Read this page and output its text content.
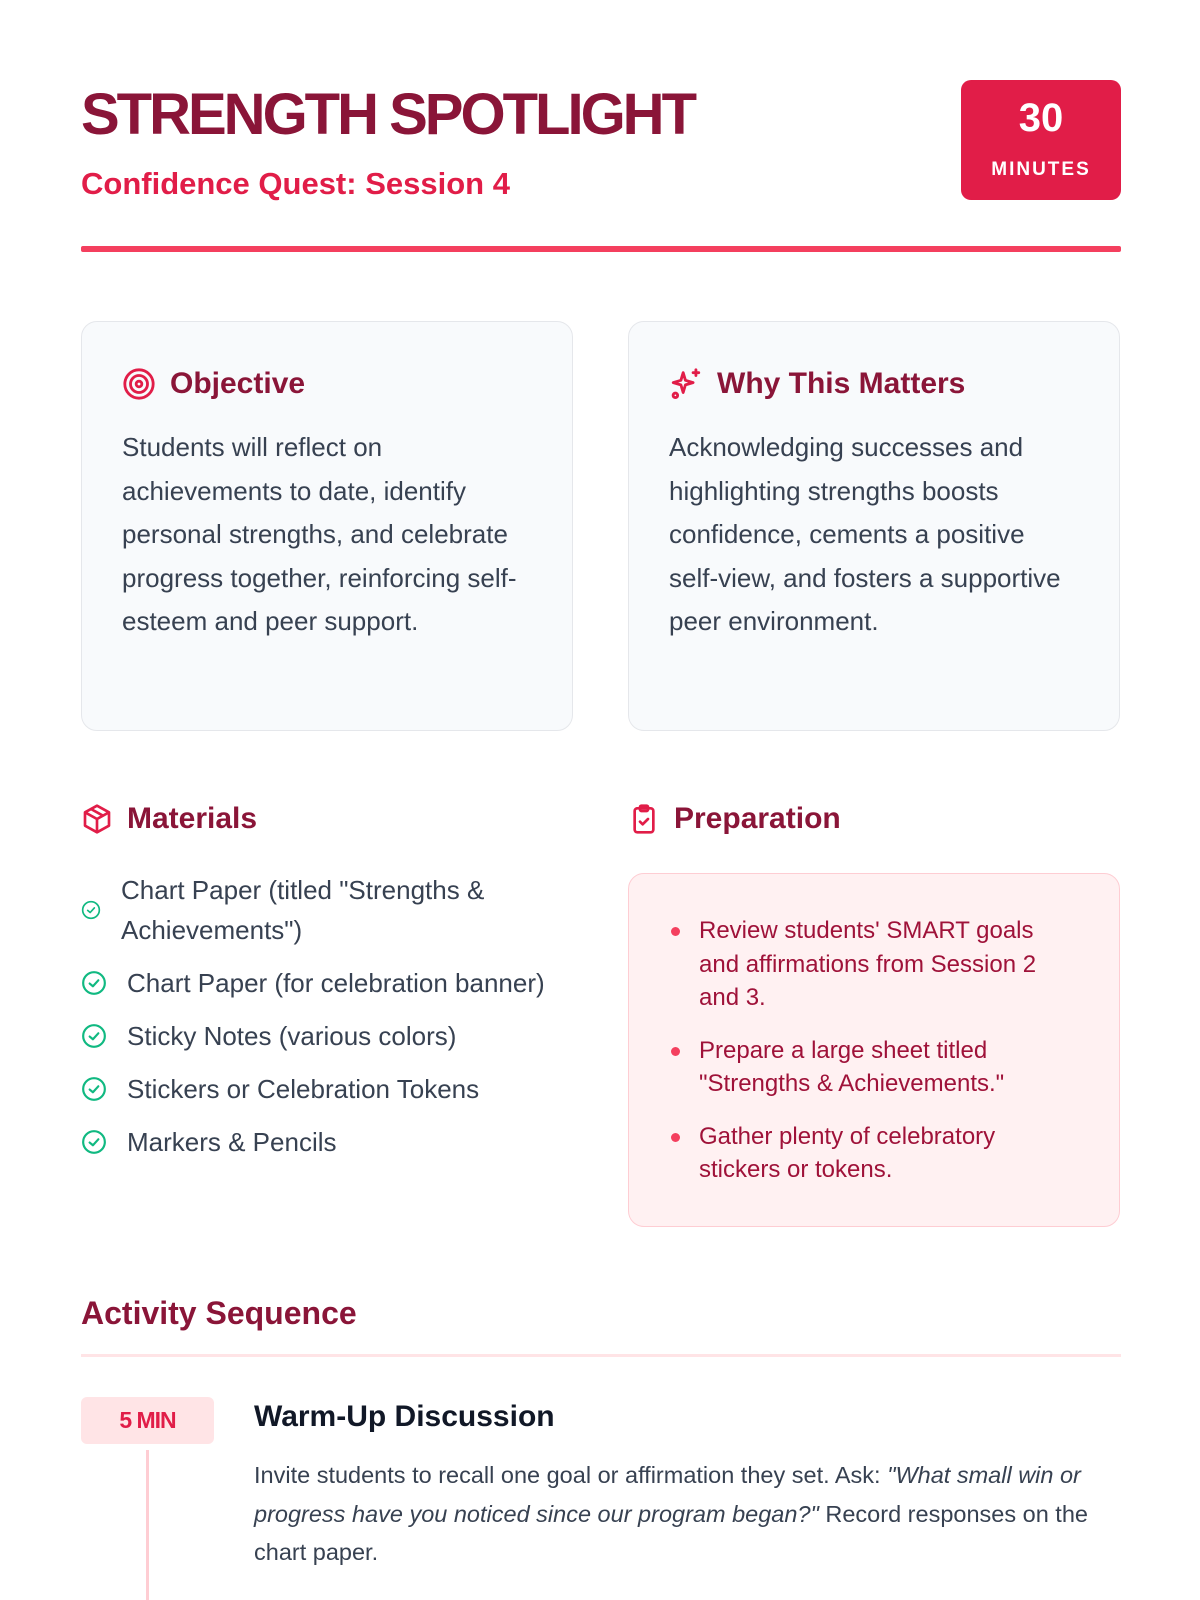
STRENGTH SPOTLIGHT
Confidence Quest: Session 4
30
MINUTES
Objective
Students will reflect on achievements to date, identify personal strengths, and celebrate progress together, reinforcing self-esteem and peer support.
Why This Matters
Acknowledging successes and highlighting strengths boosts confidence, cements a positive self-view, and fosters a supportive peer environment.
Materials
Chart Paper (titled "Strengths & Achievements")
Chart Paper (for celebration banner)
Sticky Notes (various colors)
Stickers or Celebration Tokens
Markers & Pencils
Preparation
Review students' SMART goals and affirmations from Session 2 and 3.
Prepare a large sheet titled "Strengths & Achievements."
Gather plenty of celebratory stickers or tokens.
Activity Sequence
5 MIN	Warm-Up Discussion
Invite students to recall one goal or affirmation they set. Ask: "What small win or progress have you noticed since our program began?" Record responses on the chart paper.
